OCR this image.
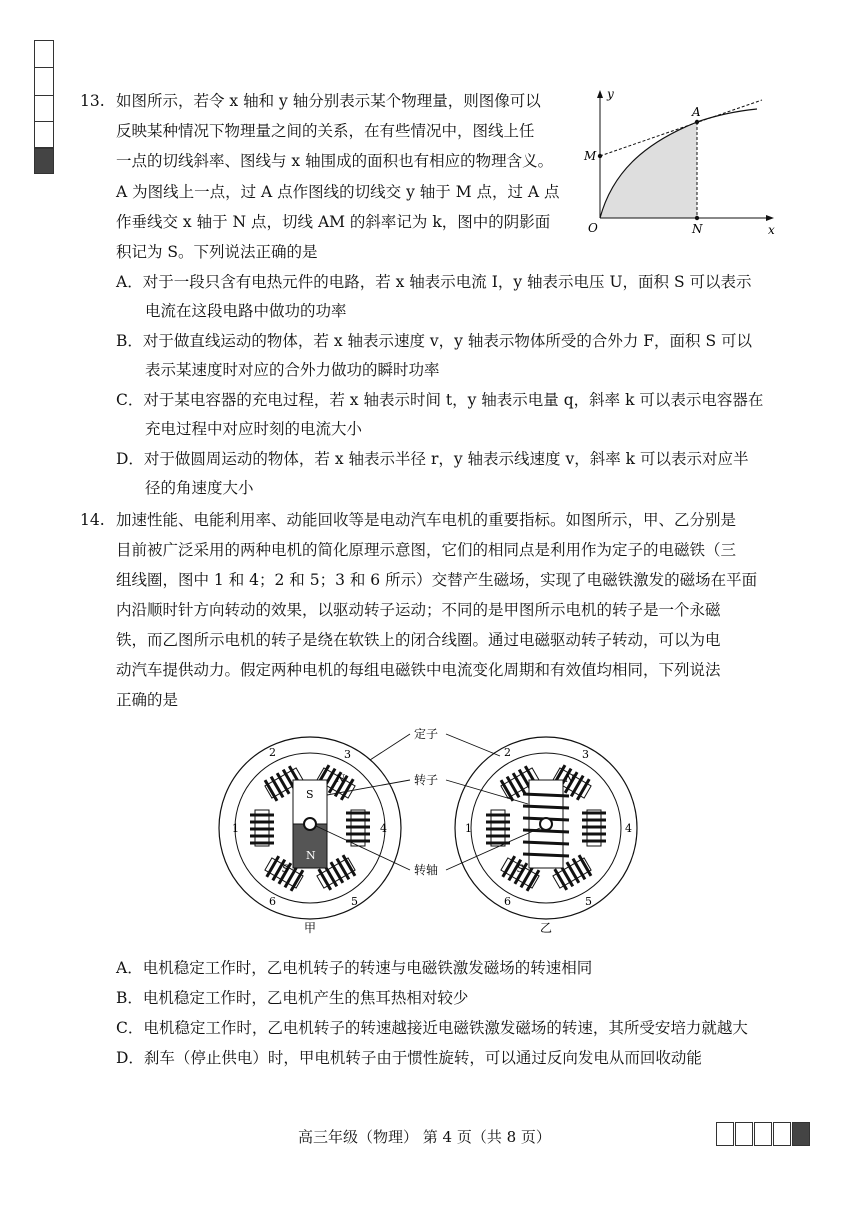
13. 如图所示，若令 x 轴和 y 轴分别表示某个物理量，则图像可以
反映某种情况下物理量之间的关系，在有些情况中，图线上任
一点的切线斜率、图线与 x 轴围成的面积也有相应的物理含义。
A 为图线上一点，过 A 点作图线的切线交 y 轴于 M 点，过 A 点
作垂线交 x 轴于 N 点，切线 AM 的斜率记为 k，图中的阴影面
积记为 S。下列说法正确的是
y
x
O
A
M
N
A．对于一段只含有电热元件的电路，若 x 轴表示电流 I，y 轴表示电压 U，面积 S 可以表示
电流在这段电路中做功的功率
B．对于做直线运动的物体，若 x 轴表示速度 v，y 轴表示物体所受的合外力 F，面积 S 可以
表示某速度时对应的合外力做功的瞬时功率
C．对于某电容器的充电过程，若 x 轴表示时间 t，y 轴表示电量 q，斜率 k 可以表示电容器在
充电过程中对应时刻的电流大小
D．对于做圆周运动的物体，若 x 轴表示半径 r，y 轴表示线速度 v，斜率 k 可以表示对应半
径的角速度大小
14. 加速性能、电能利用率、动能回收等是电动汽车电机的重要指标。如图所示，甲、乙分别是
目前被广泛采用的两种电机的简化原理示意图，它们的相同点是利用作为定子的电磁铁（三
组线圈，图中 1 和 4；2 和 5；3 和 6 所示）交替产生磁场，实现了电磁铁激发的磁场在平面
内沿顺时针方向转动的效果，以驱动转子运动；不同的是甲图所示电机的转子是一个永磁
铁，而乙图所示电机的转子是绕在软铁上的闭合线圈。通过电磁驱动转子转动，可以为电
动汽车提供动力。假定两种电机的每组电磁铁中电流变化周期和有效值均相同，下列说法
正确的是
S
N
1
2	3
4
5
6
N
S
1
2	3
4
5
6
N
S
定子
转子
转轴
甲	乙
A．电机稳定工作时，乙电机转子的转速与电磁铁激发磁场的转速相同
B．电机稳定工作时，乙电机产生的焦耳热相对较少
C．电机稳定工作时，乙电机转子的转速越接近电磁铁激发磁场的转速，其所受安培力就越大
D．刹车（停止供电）时，甲电机转子由于惯性旋转，可以通过反向发电从而回收动能
高三年级（物理） 第 4 页（共 8 页）
